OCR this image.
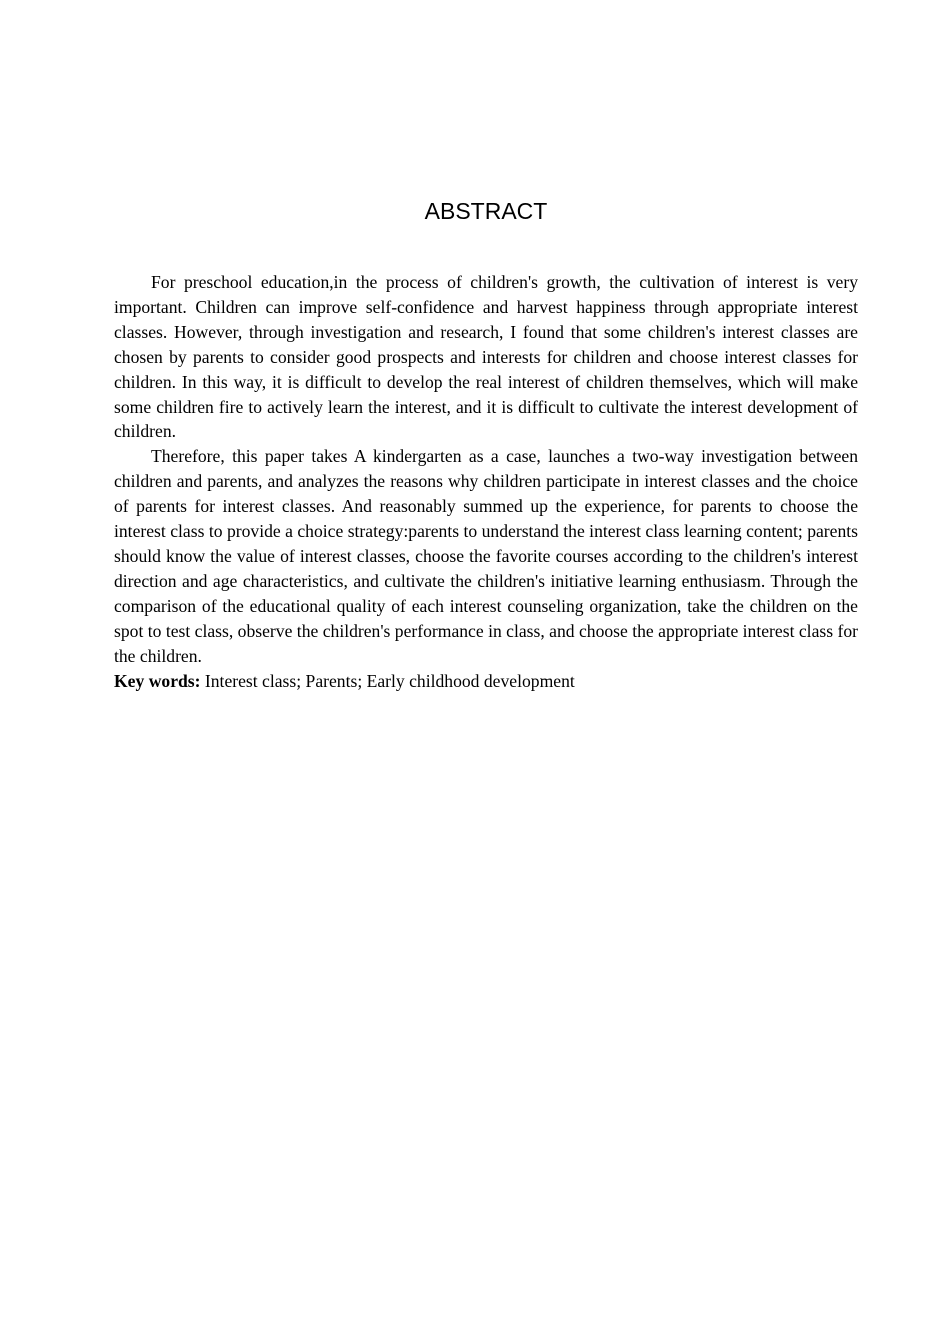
ABSTRACT

For preschool education,in the process of children's growth, the cultivation of interest is very important. Children can improve self-confidence and harvest happiness through appropriate interest classes. However, through investigation and research, I found that some children's interest classes are chosen by parents to consider good prospects and interests for children and choose interest classes for children. In this way, it is difficult to develop the real interest of children themselves, which will make some children fire to actively learn the interest, and it is difficult to cultivate the interest development of children.

Therefore, this paper takes A kindergarten as a case, launches a two-way investigation between children and parents, and analyzes the reasons why children participate in interest classes and the choice of parents for interest classes. And reasonably summed up the experience, for parents to choose the interest class to provide a choice strategy:parents to understand the interest class learning content; parents should know the value of interest classes, choose the favorite courses according to the children's interest direction and age characteristics, and cultivate the children's initiative learning enthusiasm. Through the comparison of the educational quality of each interest counseling organization, take the children on the spot to test class, observe the children's performance in class, and choose the appropriate interest class for the children.

Key words: Interest class; Parents; Early childhood development
